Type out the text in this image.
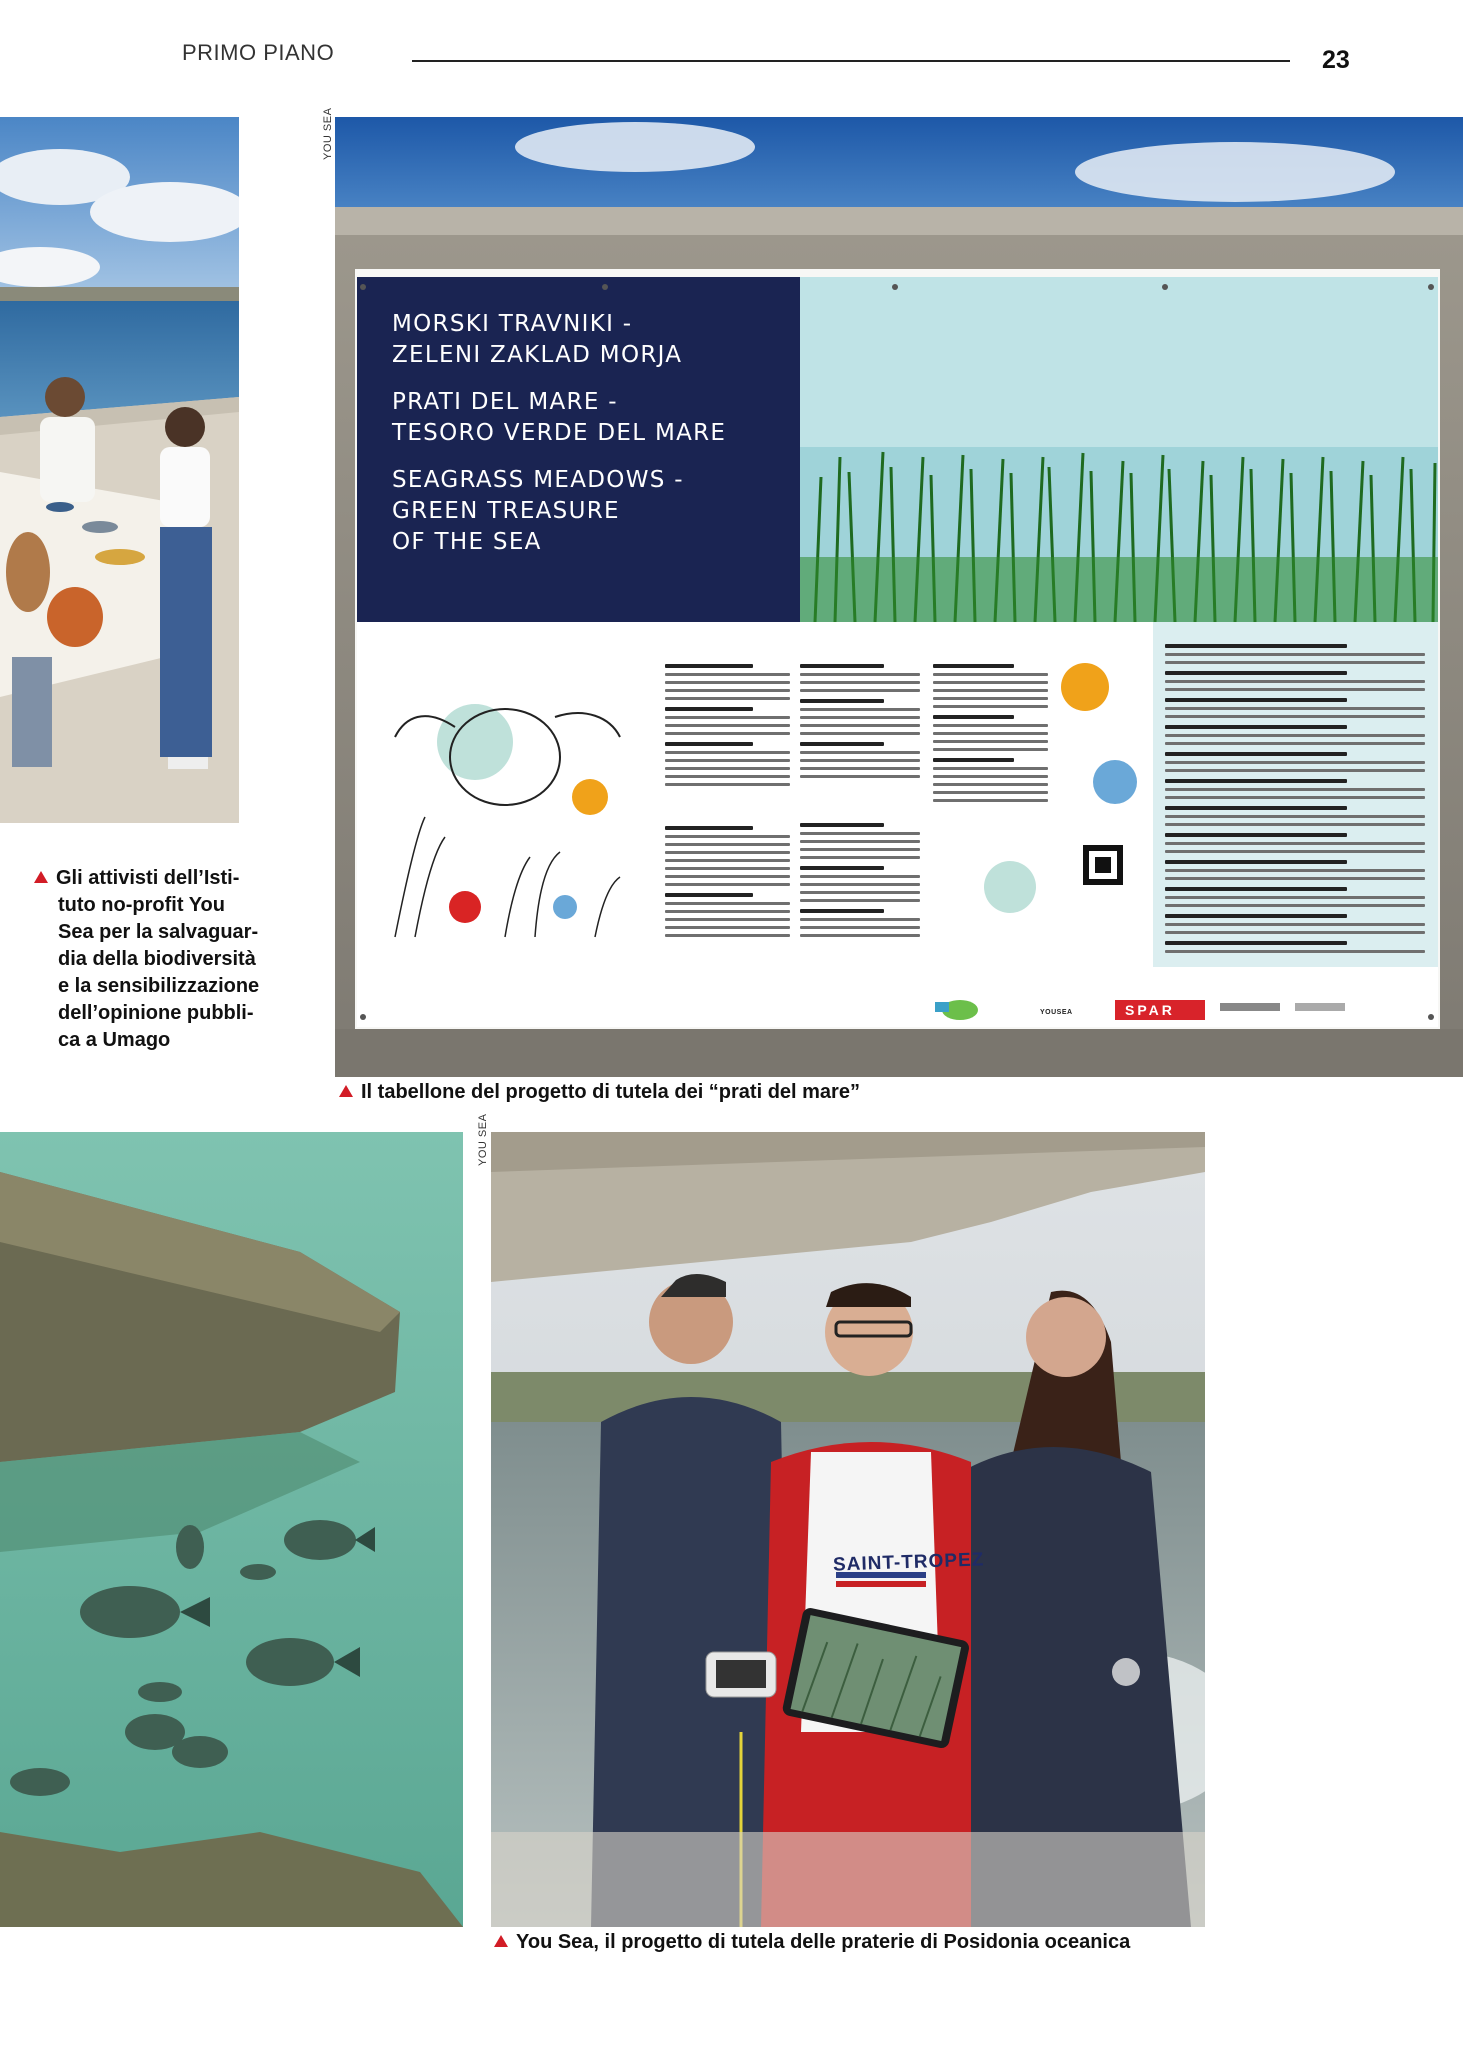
PRIMO PIANO	23
Gli attivisti dell’Isti-
tuto no-profit You
Sea per la salvaguar-
dia della biodiversità
e la sensibilizzazione
dell’opinione pubbli-
ca a Umago
YOU SEA
MORSKI TRAVNIKI -
ZELENI ZAKLAD MORJA
PRATI DEL MARE -
TESORO VERDE DEL MARE
SEAGRASS MEADOWS -
GREEN TREASURE
OF THE SEA
SPAR
YOUSEA
Il tabellone del progetto di tutela dei “prati del mare”
YOU SEA
SAINT-TROPEZ
You Sea, il progetto di tutela delle praterie di Posidonia oceanica
